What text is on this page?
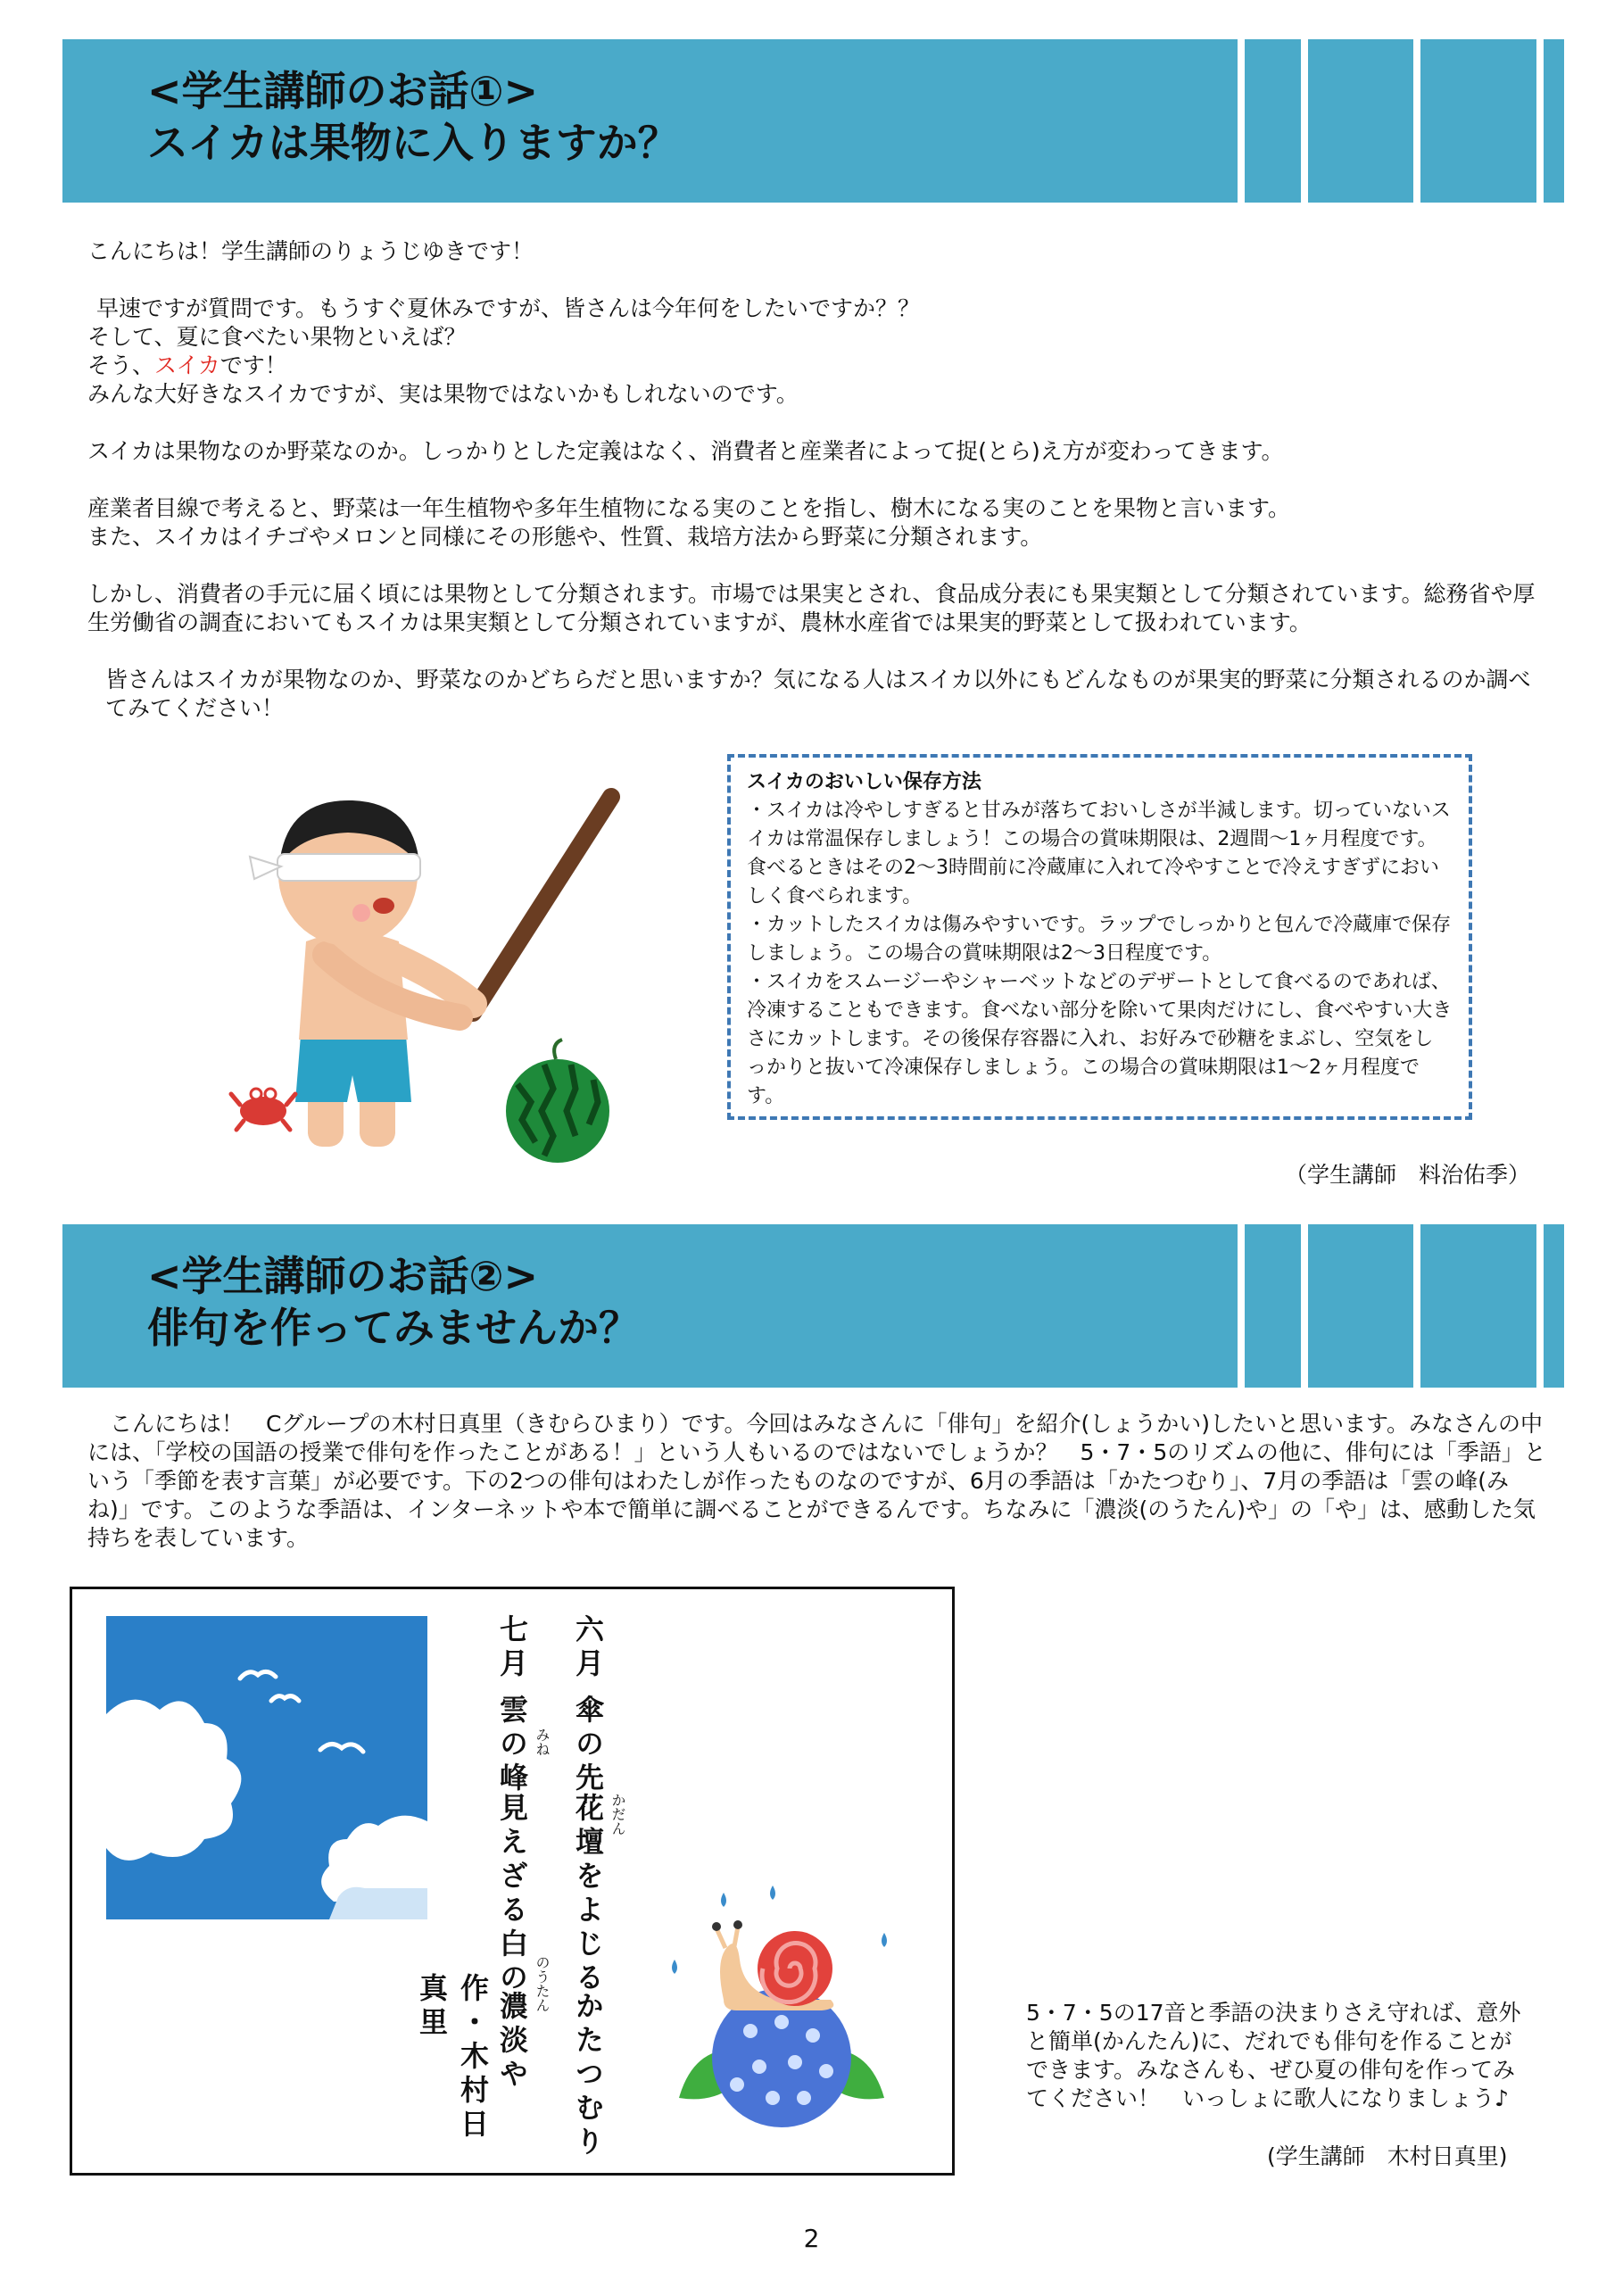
<学生講師のお話①>
スイカは果物に入りますか？

こんにちは！学生講師のりょうじゆきです！

早速ですが質問です。もうすぐ夏休みですが、皆さんは今年何をしたいですか？？

そして、夏に食べたい果物といえば？

そう、スイカです！

みんな大好きなスイカですが、実は果物ではないかもしれないのです。

スイカは果物なのか野菜なのか。しっかりとした定義はなく、消費者と産業者によって捉(とら)え方が変わってきます。

産業者目線で考えると、野菜は一年生植物や多年生植物になる実のことを指し、樹木になる実のことを果物と言います。

また、スイカはイチゴやメロンと同様にその形態や、性質、栽培方法から野菜に分類されます。

しかし、消費者の手元に届く頃には果物として分類されます。市場では果実とされ、食品成分表にも果実類として分類されています。総務省や厚生労働省の調査においてもスイカは果実類として分類されていますが、農林水産省では果実的野菜として扱われています。

皆さんはスイカが果物なのか、野菜なのかどちらだと思いますか？気になる人はスイカ以外にもどんなものが果実的野菜に分類されるのか調べてみてください！

スイカのおいしい保存方法
・スイカは冷やしすぎると甘みが落ちておいしさが半減します。切っていないスイカは常温保存しましょう！この場合の賞味期限は、2週間〜1ヶ月程度です。食べるときはその2〜3時間前に冷蔵庫に入れて冷やすことで冷えすぎずにおいしく食べられます。
・カットしたスイカは傷みやすいです。ラップでしっかりと包んで冷蔵庫で保存しましょう。この場合の賞味期限は2〜3日程度です。
・スイカをスムージーやシャーベットなどのデザートとして食べるのであれば、冷凍することもできます。食べない部分を除いて果肉だけにし、食べやすい大きさにカットします。その後保存容器に入れ、お好みで砂糖をまぶし、空気をしっかりと抜いて冷凍保存しましょう。この場合の賞味期限は1〜2ヶ月程度です。
（学生講師　料治佑季）
<学生講師のお話②>
俳句を作ってみませんか？

こんにちは！　Cグループの木村日真里（きむらひまり）です。今回はみなさんに「俳句」を紹介(しょうかい)したいと思います。みなさんの中には、「学校の国語の授業で俳句を作ったことがある！」という人もいるのではないでしょうか？　5・7・5のリズムの他に、俳句には「季語」という「季節を表す言葉」が必要です。下の2つの俳句はわたしが作ったものなのですが、6月の季語は「かたつむり」、7月の季語は「雲の峰(みね)」です。このような季語は、インターネットや本で簡単に調べることができるんです。ちなみに「濃淡(のうたん)や」の「や」は、感動した気持ちを表しています。

六月
傘の先
花壇をよじる
かたつむり
かだん
七月
雲の峰
見えざる白の
濃淡や
みね
のうたん
作・木村日真里	5・7・5の17音と季語の決まりさえ守れば、意外と簡単(かんたん)に、だれでも俳句を作ることができます。みなさんも、ぜひ夏の俳句を作ってみてください！　いっしょに歌人になりましょう♪
(学生講師　木村日真里)
2
